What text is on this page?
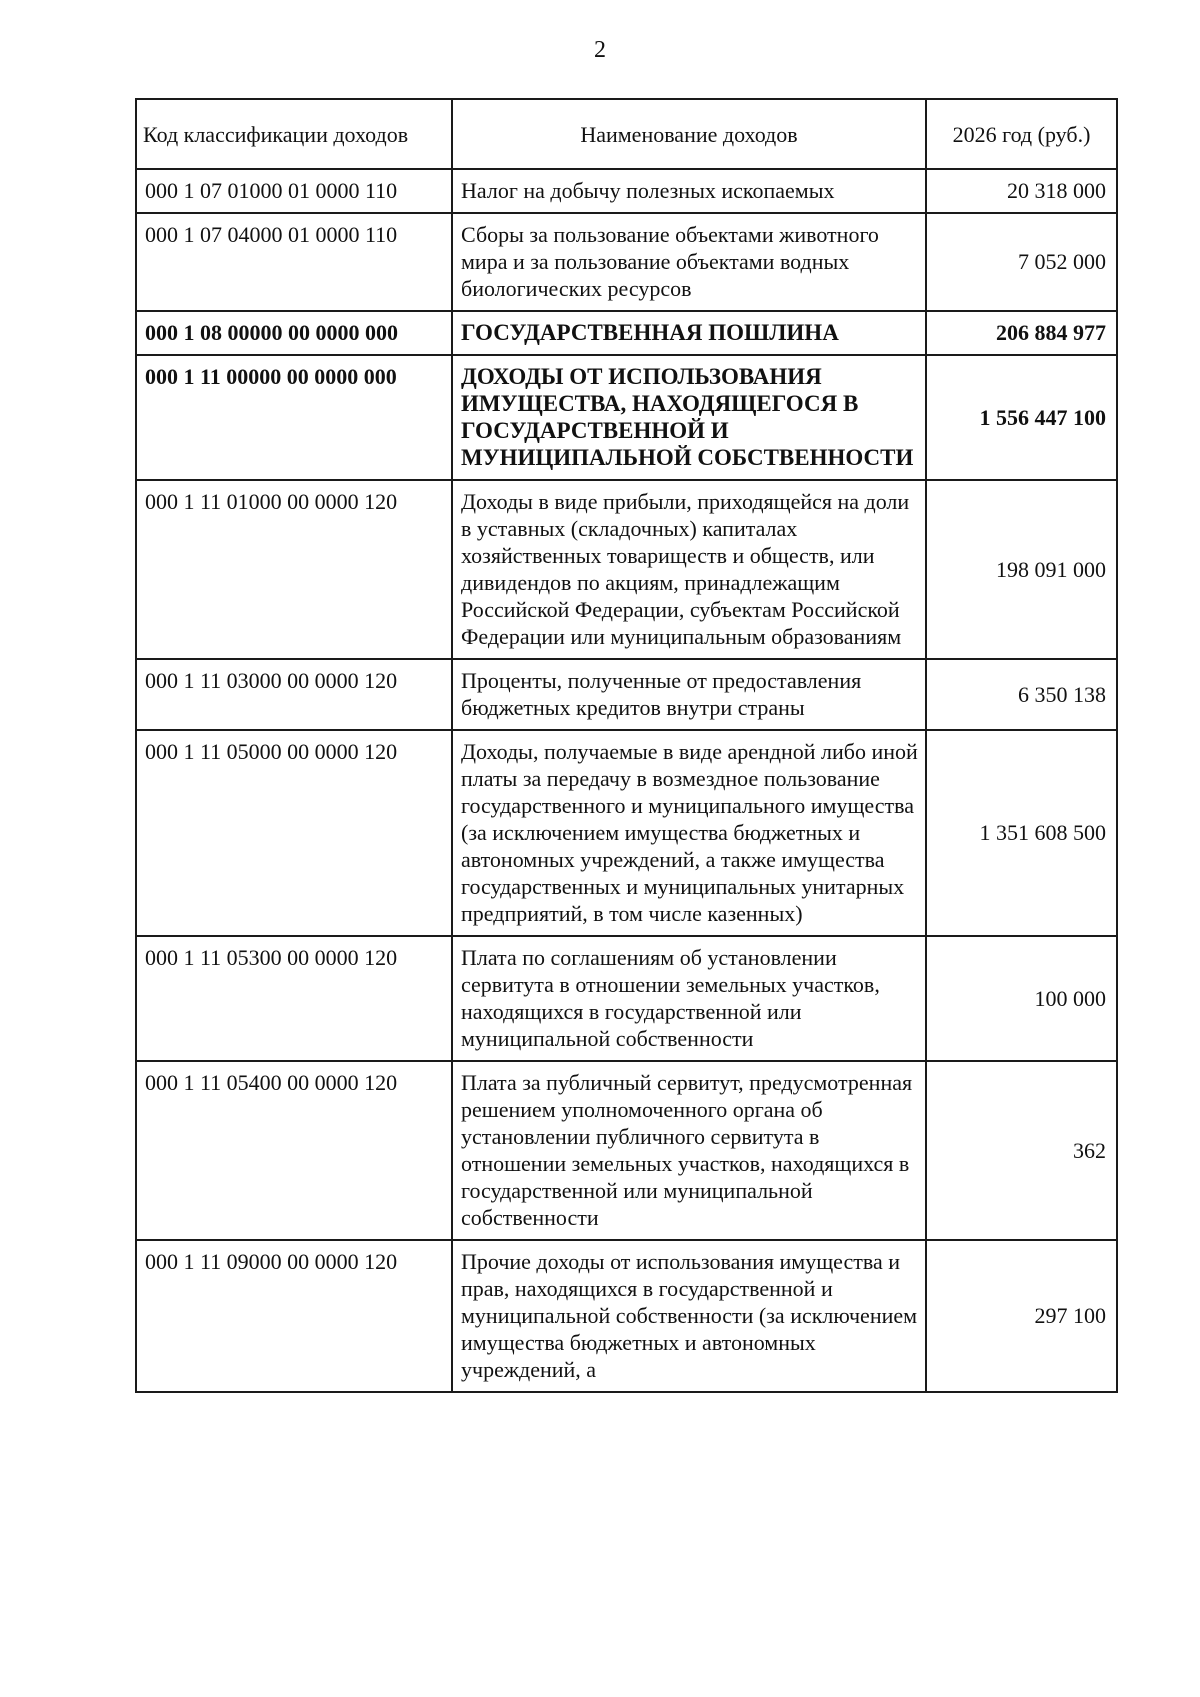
2
Код классификации доходов	Наименование доходов	2026 год (руб.)
000 1 07 01000 01 0000 110	Налог на добычу полезных ископаемых	20 318 000
000 1 07 04000 01 0000 110	Сборы за пользование объектами животного мира и за пользование объектами водных биологических ресурсов	7 052 000
000 1 08 00000 00 0000 000	ГОСУДАРСТВЕННАЯ ПОШЛИНА	206 884 977
000 1 11 00000 00 0000 000	ДОХОДЫ ОТ ИСПОЛЬЗОВАНИЯ ИМУЩЕСТВА, НАХОДЯЩЕГОСЯ В ГОСУДАРСТВЕННОЙ И МУНИЦИПАЛЬНОЙ СОБСТВЕННОСТИ	1 556 447 100
000 1 11 01000 00 0000 120	Доходы в виде прибыли, приходящейся на доли в уставных (складочных) капиталах хозяйственных товариществ и обществ, или дивидендов по акциям, принадлежащим Российской Федерации, субъектам Российской Федерации или муниципальным образованиям	198 091 000
000 1 11 03000 00 0000 120	Проценты, полученные от предоставления бюджетных кредитов внутри страны	6 350 138
000 1 11 05000 00 0000 120	Доходы, получаемые в виде арендной либо иной платы за передачу в возмездное пользование государственного и муниципального имущества (за исключением имущества бюджетных и автономных учреждений, а также имущества государственных и муниципальных унитарных предприятий, в том числе казенных)	1 351 608 500
000 1 11 05300 00 0000 120	Плата по соглашениям об установлении сервитута в отношении земельных участков, находящихся в государственной или муниципальной собственности	100 000
000 1 11 05400 00 0000 120	Плата за публичный сервитут, предусмотренная решением уполномоченного органа об установлении публичного сервитута в отношении земельных участков, находящихся в государственной или муниципальной собственности	362
000 1 11 09000 00 0000 120	Прочие доходы от использования имущества и прав, находящихся в государственной и муниципальной собственности (за исключением имущества бюджетных и автономных учреждений, а	297 100
